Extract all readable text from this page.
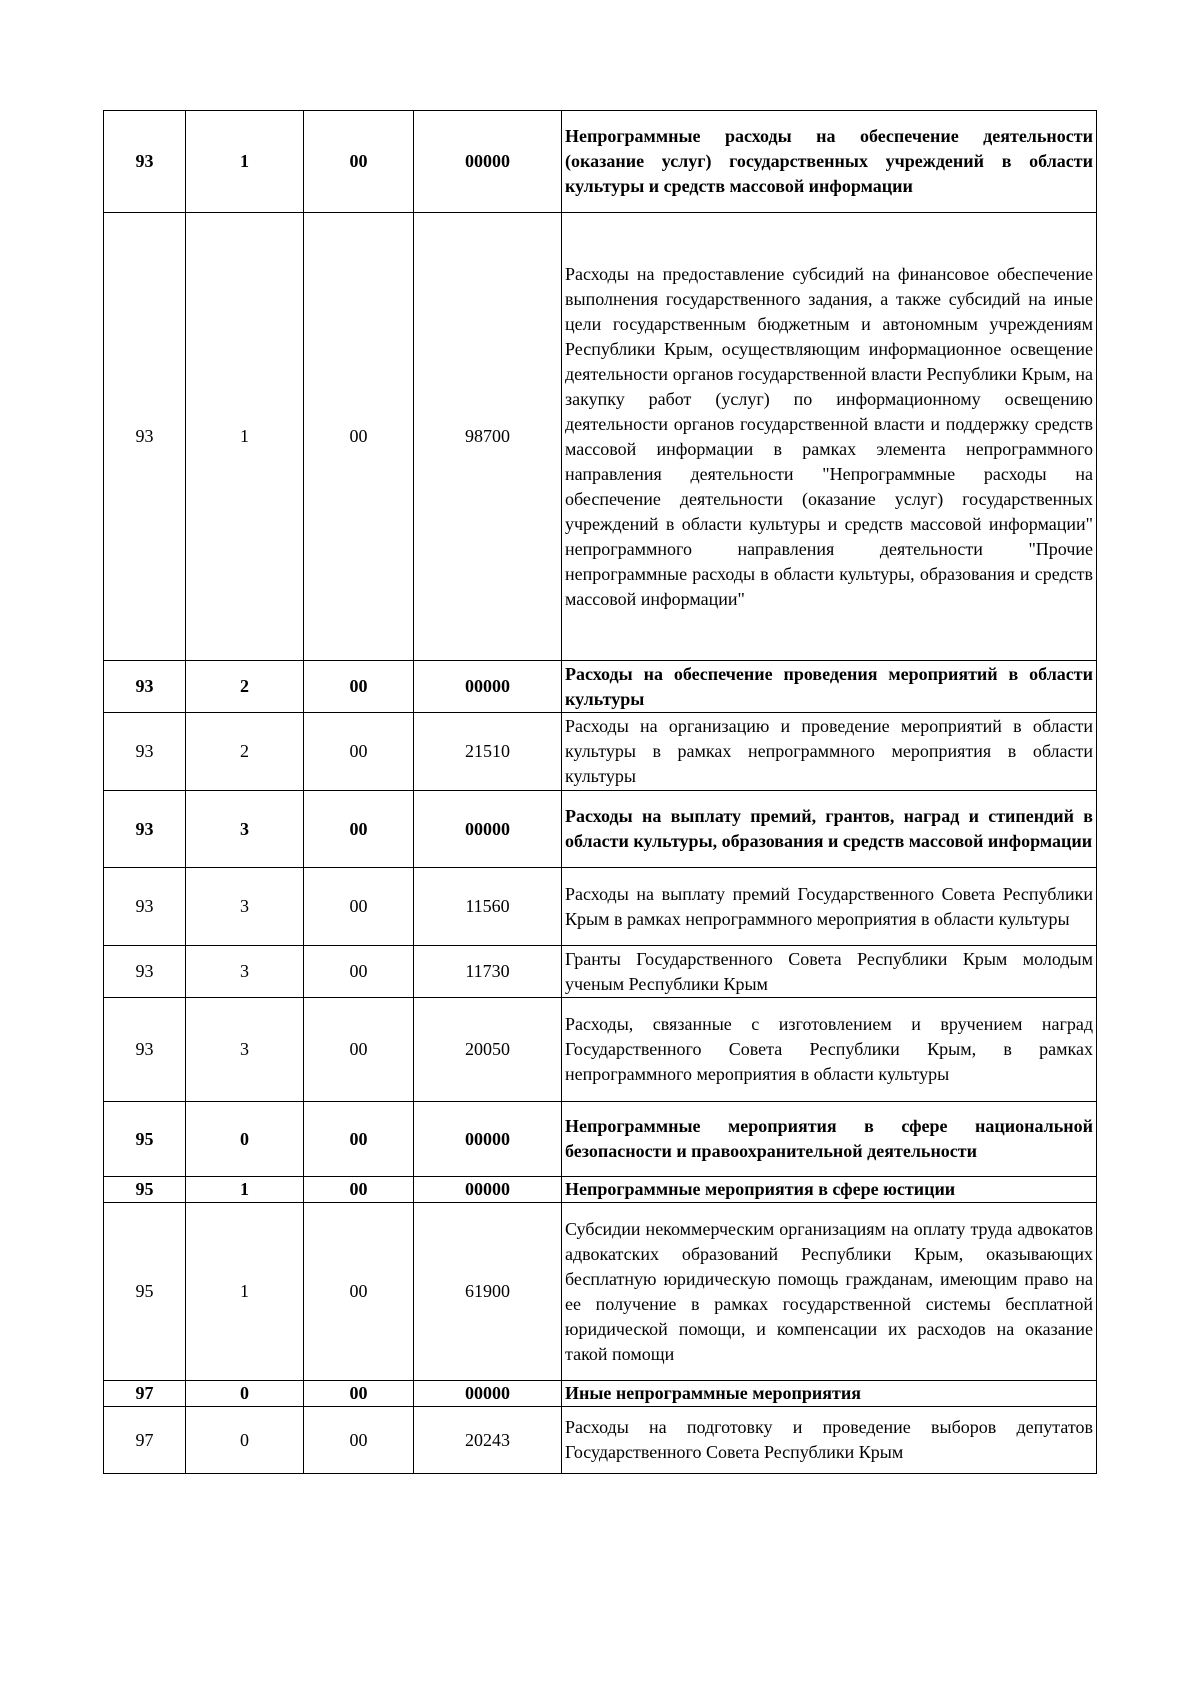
93	1	00	00000	Непрограммные расходы на обеспечение деятельности (оказание услуг) государственных учреждений в области культуры и средств массовой информации
93	1	00	98700	Расходы на предоставление субсидий на финансовое обеспечение выполнения государственного задания, а также субсидий на иные цели государственным бюджетным и автономным учреждениям Республики Крым, осуществляющим информационное освещение деятельности органов государственной власти Республики Крым, на закупку работ (услуг) по информационному освещению деятельности органов государственной власти и поддержку средств массовой информации в рамках элемента непрограммного направления деятельности "Непрограммные расходы на обеспечение деятельности (оказание услуг) государственных учреждений в области культуры и средств массовой информации" непрограммного направления деятельности "Прочие непрограммные расходы в области культуры, образования и средств массовой информации"
93	2	00	00000	Расходы на обеспечение проведения мероприятий в области культуры
93	2	00	21510	Расходы на организацию и проведение мероприятий в области культуры в рамках непрограммного мероприятия в области культуры
93	3	00	00000	Расходы на выплату премий, грантов, наград и стипендий в области культуры, образования и средств массовой информации
93	3	00	11560	Расходы на выплату премий Государственного Совета Республики Крым в рамках непрограммного мероприятия в области культуры
93	3	00	11730	Гранты Государственного Совета Республики Крым молодым ученым Республики Крым
93	3	00	20050	Расходы, связанные с изготовлением и вручением наград Государственного Совета Республики Крым, в рамках непрограммного мероприятия в области культуры
95	0	00	00000	Непрограммные мероприятия в сфере национальной безопасности и правоохранительной деятельности
95	1	00	00000	Непрограммные мероприятия в сфере юстиции
95	1	00	61900	Субсидии некоммерческим организациям на оплату труда адвокатов адвокатских образований Республики Крым, оказывающих бесплатную юридическую помощь гражданам, имеющим право на ее получение в рамках государственной системы бесплатной юридической помощи, и компенсации их расходов на оказание такой помощи
97	0	00	00000	Иные непрограммные мероприятия
97	0	00	20243	Расходы на подготовку и проведение выборов депутатов Государственного Совета Республики Крым
